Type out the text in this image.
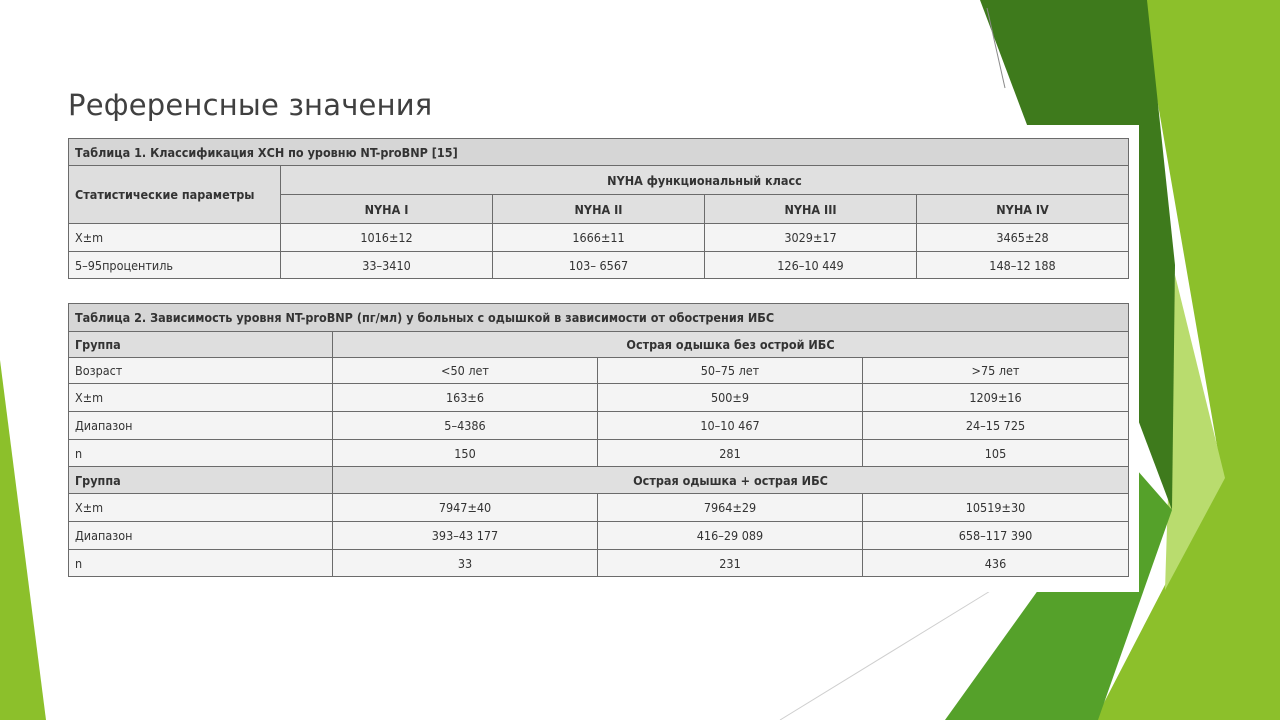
Референсные значения
Таблица 1. Классификация ХСН по уровню NT-proBNP [15]				
Статистические параметры	NYHA функциональный класс			
	NYHA I	NYHA II	NYHA III	NYHA IV
X±m	1016±12	1666±11	3029±17	3465±28
5–95процентиль	33–3410	103– 6567	126–10 449	148–12 188
Таблица 2. Зависимость уровня NT-proBNP (пг/мл) у больных с одышкой в зависимости от обострения ИБС			
Группа	Острая одышка без острой ИБС		
Возраст	<50 лет	50–75 лет	>75 лет
X±m	163±6	500±9	1209±16
Диапазон	5–4386	10–10 467	24–15 725
n	150	281	105
Группа	Острая одышка + острая ИБС		
X±m	7947±40	7964±29	10519±30
Диапазон	393–43 177	416–29 089	658–117 390
n	33	231	436
